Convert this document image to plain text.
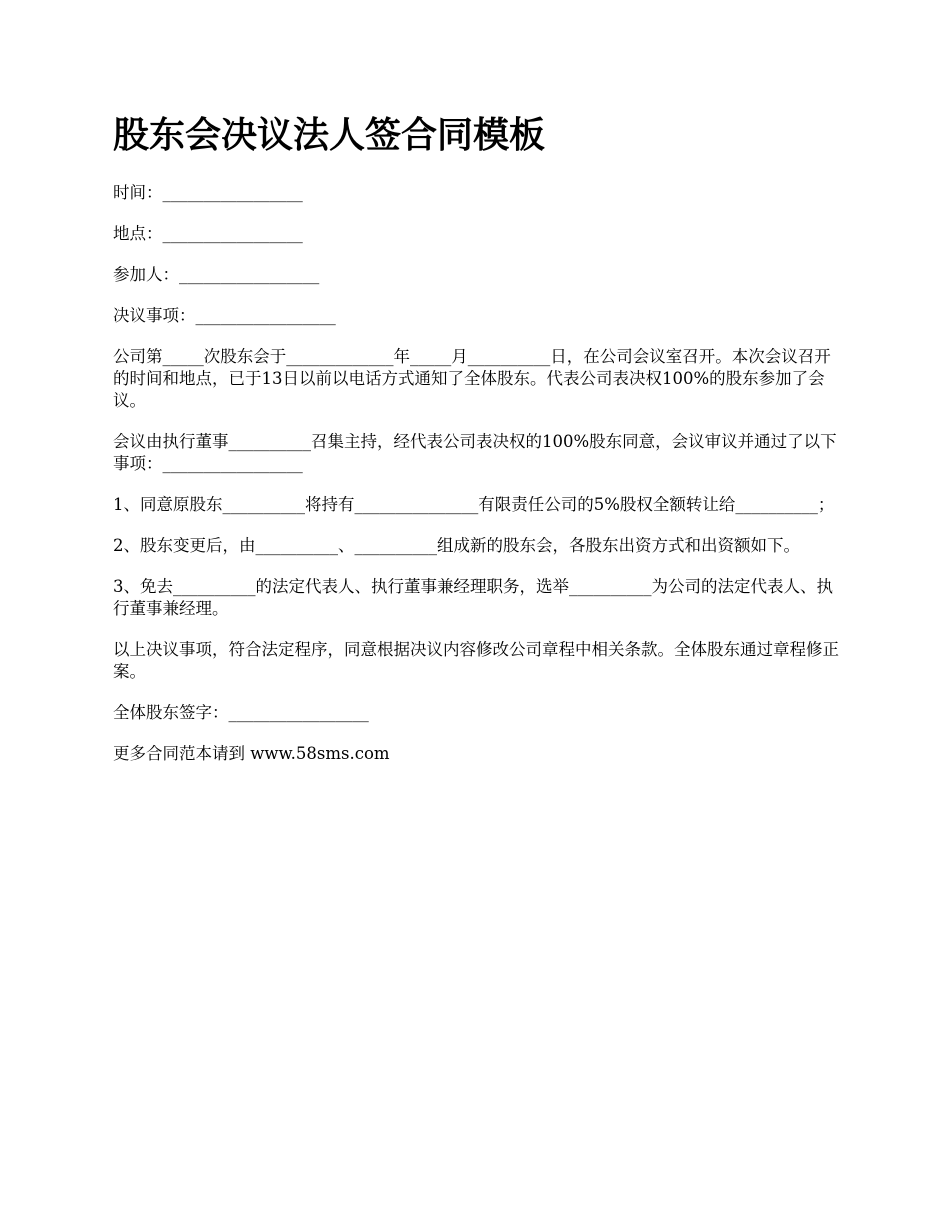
股东会决议法人签合同模板

时间：_________________

地点：_________________

参加人：_________________

决议事项：_________________

公司第_____次股东会于_____________年_____月__________日，在公司会议室召开。本次会议召开的时间和地点，已于13日以前以电话方式通知了全体股东。代表公司表决权100%的股东参加了会议。

会议由执行董事__________召集主持，经代表公司表决权的100%股东同意，会议审议并通过了以下事项：_________________

1、同意原股东__________将持有_______________有限责任公司的5%股权全额转让给__________；

2、股东变更后，由__________、__________组成新的股东会，各股东出资方式和出资额如下。

3、免去__________的法定代表人、执行董事兼经理职务，选举__________为公司的法定代表人、执行董事兼经理。

以上决议事项，符合法定程序，同意根据决议内容修改公司章程中相关条款。全体股东通过章程修正案。

全体股东签字：_________________

更多合同范本请到 www.58sms.com
